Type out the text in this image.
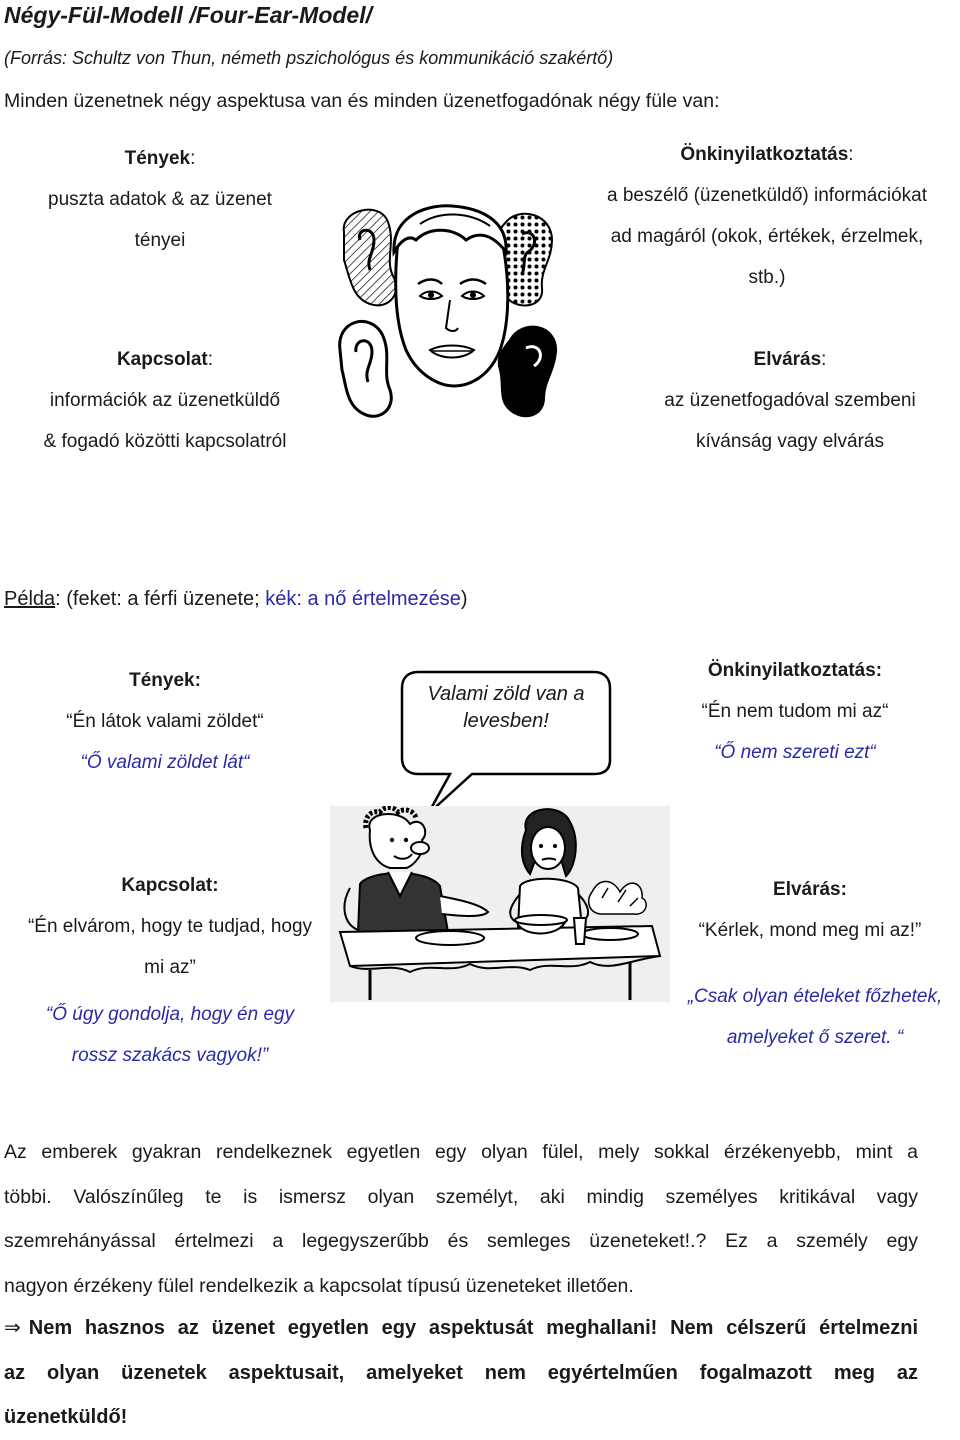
Négy-Fül-Modell /Four-Ear-Model/
(Forrás: Schultz von Thun, németh pszichológus és kommunikáció szakértő)
Minden üzenetnek négy aspektusa van és minden üzenetfogadónak négy füle van:
Tények:
puszta adatok & az üzenet
tényei
Önkinyilatkoztatás:
a beszélő (üzenetküldő) információkat
ad magáról (okok, értékek, érzelmek,
stb.)
Kapcsolat:
információk az üzenetküldő
& fogadó közötti kapcsolatról
Elvárás:
az üzenetfogadóval szembeni
kívánság vagy elvárás
Példa: (feket: a férfi üzenete; kék: a nő értelmezése)
Tények:
“Én látok valami zöldet“
“Ő valami zöldet lát“
Önkinyilatkoztatás:
“Én nem tudom mi az“
“Ő nem szereti ezt“
Valami zöld van a
levesben!
Kapcsolat:
“Én elvárom, hogy te tudjad, hogy
mi az”
“Ő úgy gondolja, hogy én egy
rossz szakács vagyok!”
Elvárás:
“Kérlek, mond meg mi az!”
„Csak olyan ételeket főzhetek,
amelyeket ő szeret. “
Az emberek gyakran rendelkeznek egyetlen egy olyan fülel, mely sokkal érzékenyebb, mint a
többi. Valószínűleg te is ismersz olyan személyt, aki mindig személyes kritikával vagy
szemrehányással értelmezi a legegyszerűbb és semleges üzeneteket!.? Ez a személy egy
nagyon érzékeny fülel rendelkezik a kapcsolat típusú üzeneteket illetően.
⇒ Nem hasznos az üzenet egyetlen egy aspektusát meghallani! Nem célszerű értelmezni
az olyan üzenetek aspektusait, amelyeket nem egyértelműen fogalmazott meg az
üzenetküldő!
